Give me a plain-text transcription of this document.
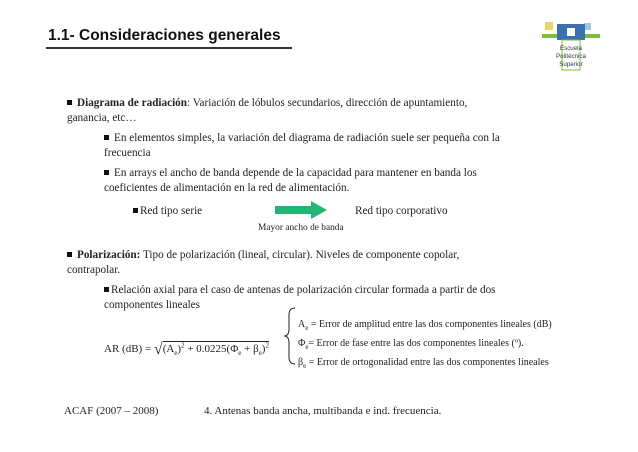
1.1- Consideraciones generales
Escuela
Politécnica
Superior
Diagrama de radiación: Variación de lóbulos secundarios, dirección de apuntamiento,
ganancia, etc…
En elementos simples, la variación del diagrama de radiación suele ser pequeña con la
frecuencia
En arrays el ancho de banda depende de la capacidad para mantener en banda los
coeficientes de alimentación en la red de alimentación.
Red tipo serie	Red tipo corporativo
Mayor ancho de banda
Polarización: Tipo de polarización (lineal, circular). Niveles de componente copolar,
contrapolar.
Relación axial para el caso de antenas de polarización circular formada a partir de dos
componentes lineales
AR $(dB) = √(A_e)^2 + 0.0225(\Phi_e + \beta_e)^2$
$A_e$ = Error de amplitud entre las dos componentes lineales (dB)
$\Phi_e=$ Error de fase entre las dos componentes lineales (º).
$\beta_e$ = Error de ortogonalidad entre las dos componentes lineales
ACAF (2007 – 2008)	4. Antenas banda ancha, multibanda e ind. frecuencia.
